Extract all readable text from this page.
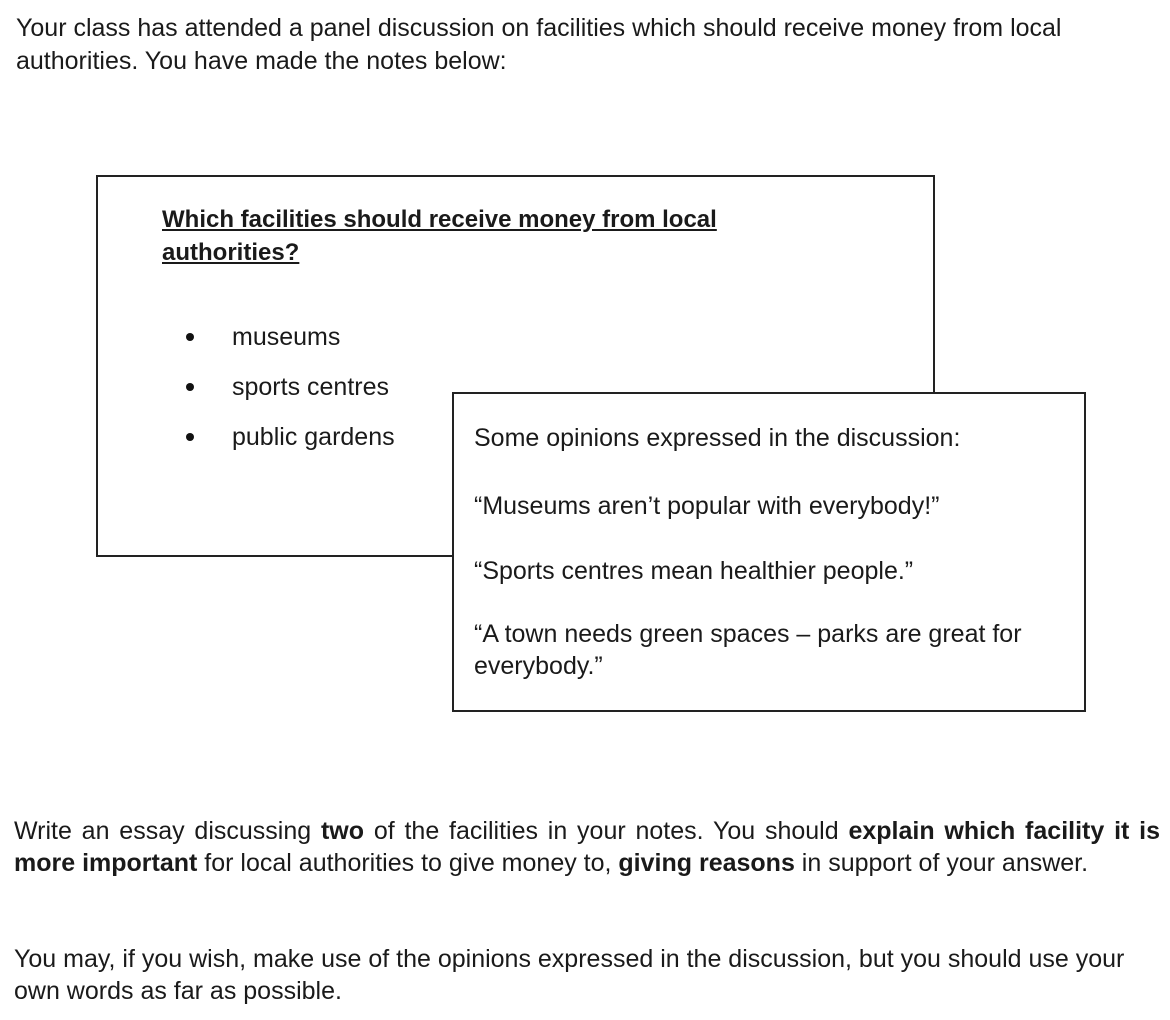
Your class has attended a panel discussion on facilities which should receive money from local authorities. You have made the notes below:

Which facilities should receive money from local authorities?

museums
sports centres
public gardens	Some opinions expressed in the discussion:

“Museums aren’t popular with everybody!”

“Sports centres mean healthier people.”

“A town needs green spaces – parks are great for everybody.”

Write an essay discussing two of the facilities in your notes. You should explain which facility it is more important for local authorities to give money to, giving reasons in support of your answer.

You may, if you wish, make use of the opinions expressed in the discussion, but you should use your own words as far as possible.
